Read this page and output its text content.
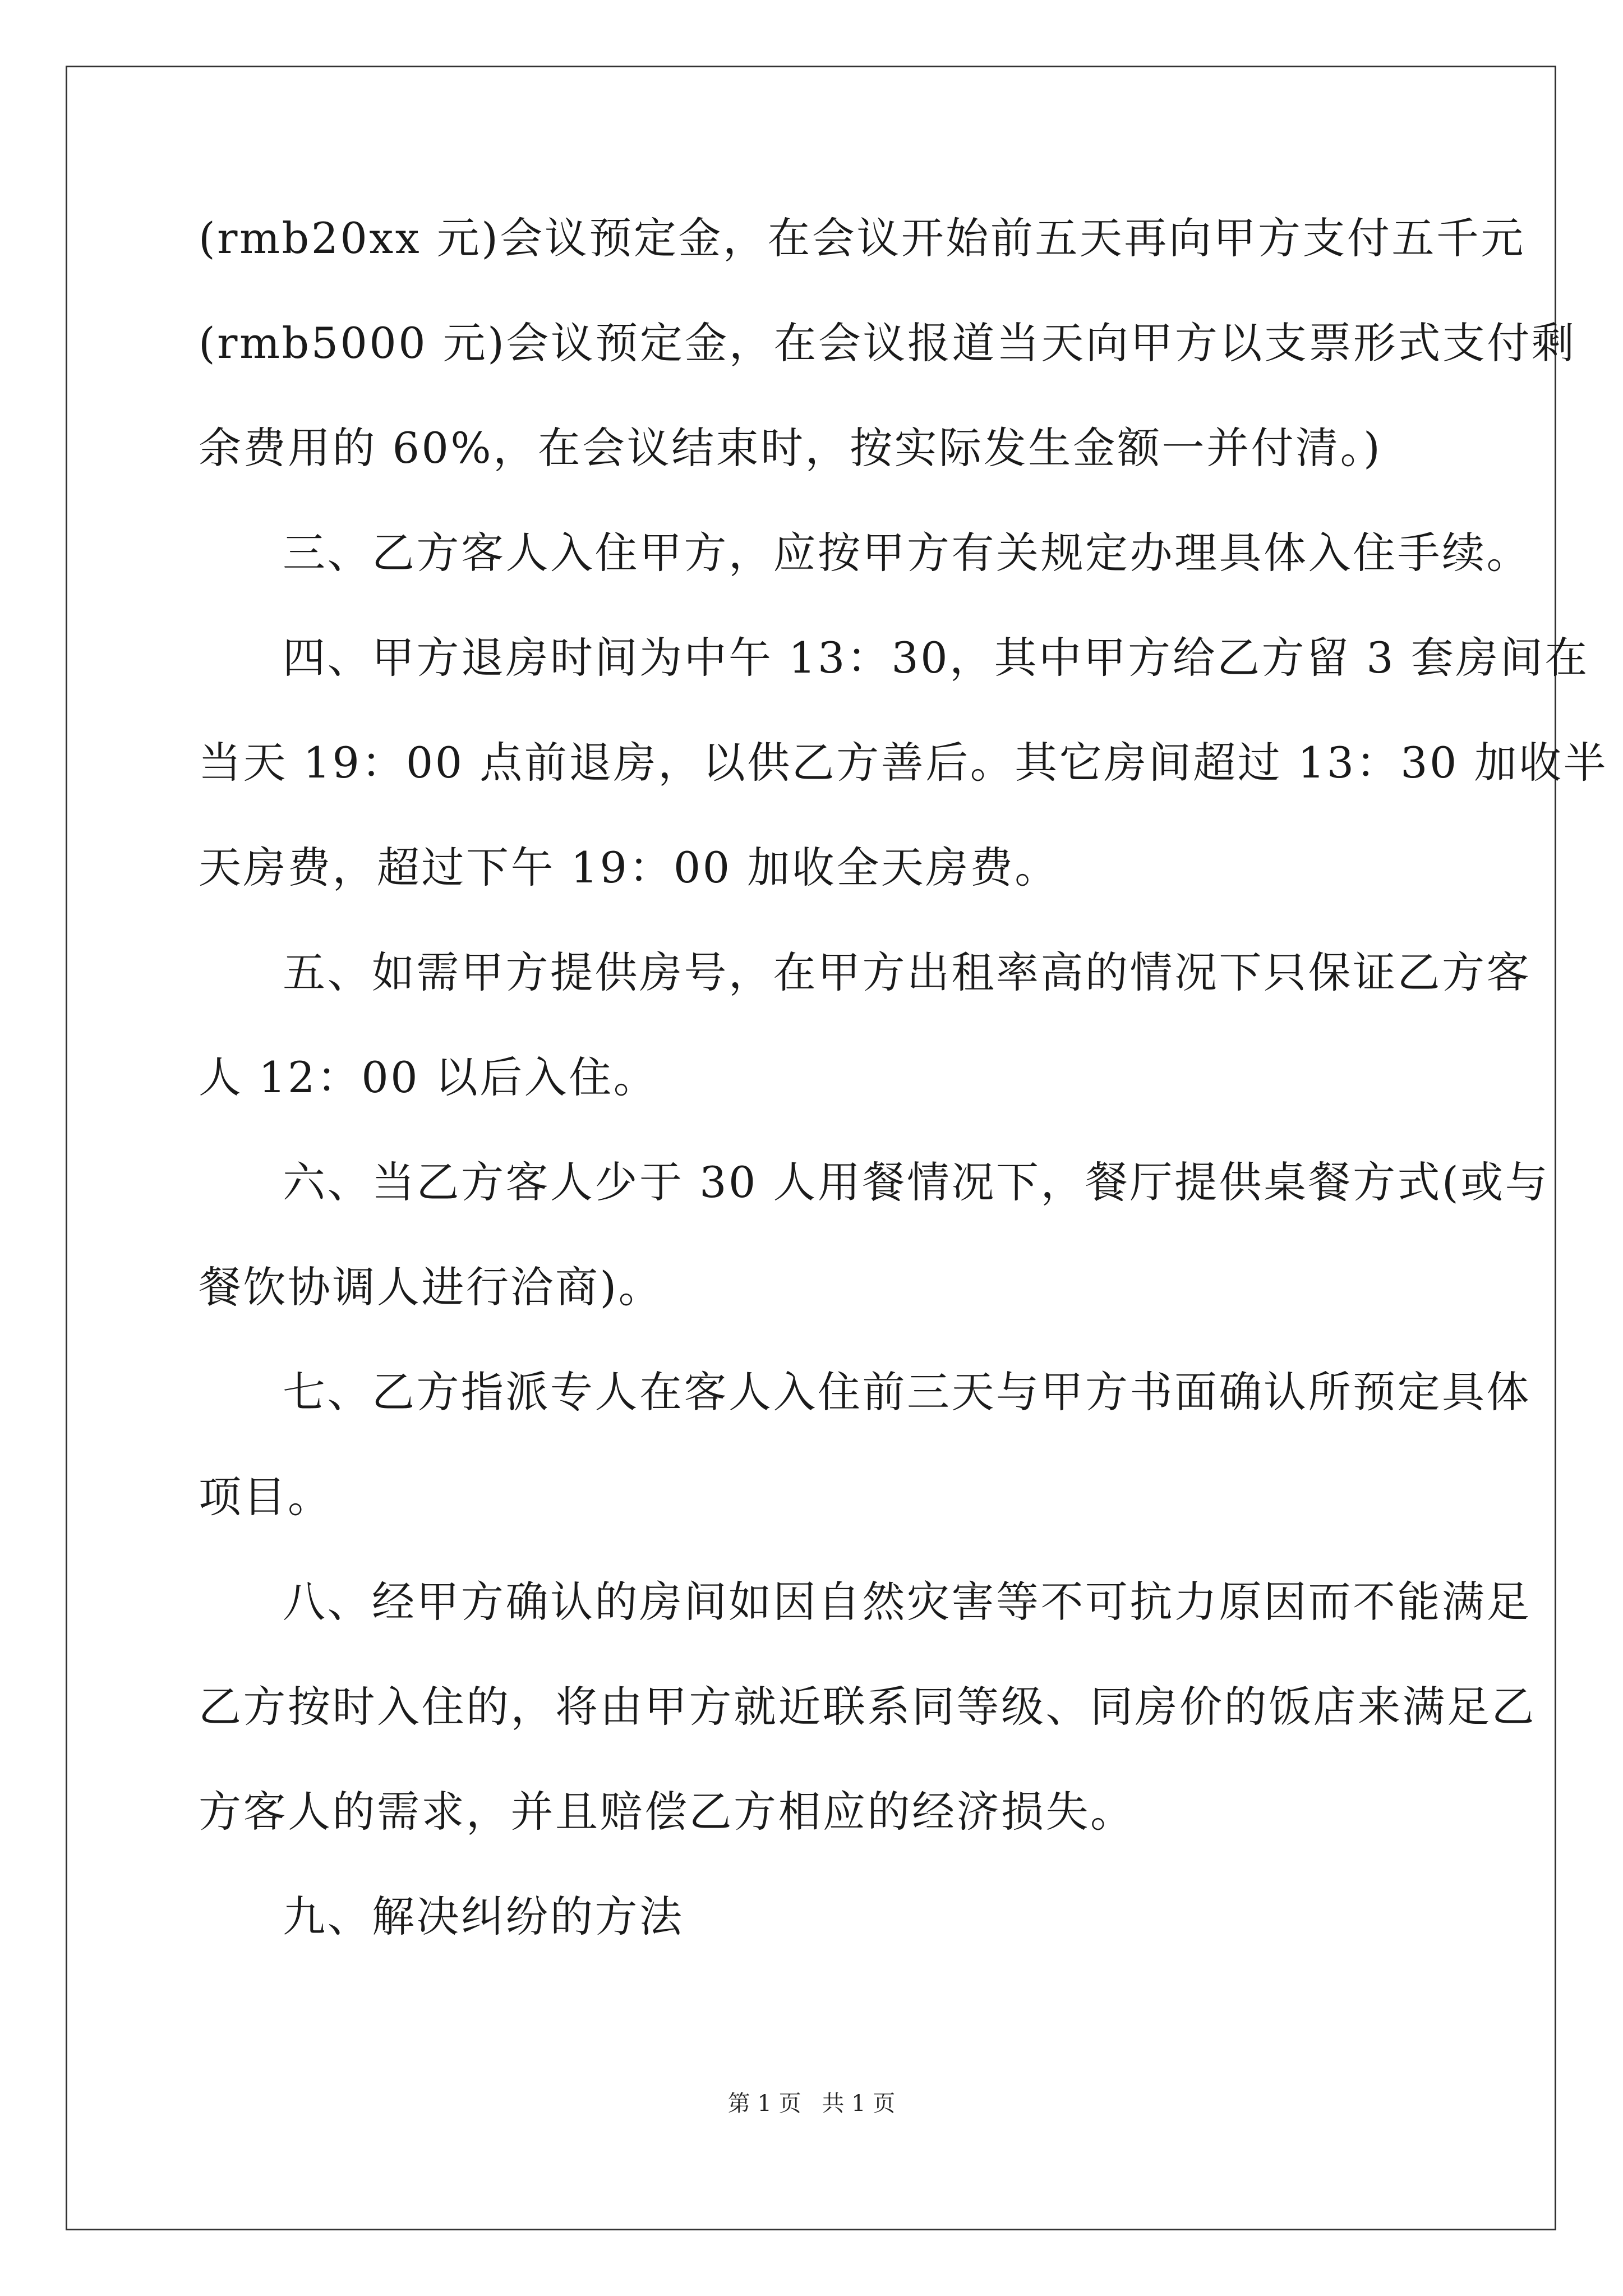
(rmb20xx 元)会议预定金，在会议开始前五天再向甲方支付五千元
(rmb5000 元)会议预定金，在会议报道当天向甲方以支票形式支付剩
余费用的 60%，在会议结束时，按实际发生金额一并付清。)
三、乙方客人入住甲方，应按甲方有关规定办理具体入住手续。
四、甲方退房时间为中午 13：30，其中甲方给乙方留 3 套房间在
当天 19：00 点前退房，以供乙方善后。其它房间超过 13：30 加收半
天房费，超过下午 19：00 加收全天房费。
五、如需甲方提供房号，在甲方出租率高的情况下只保证乙方客
人 12：00 以后入住。
六、当乙方客人少于 30 人用餐情况下，餐厅提供桌餐方式(或与
餐饮协调人进行洽商)。
七、乙方指派专人在客人入住前三天与甲方书面确认所预定具体
项目。
八、经甲方确认的房间如因自然灾害等不可抗力原因而不能满足
乙方按时入住的，将由甲方就近联系同等级、同房价的饭店来满足乙
方客人的需求，并且赔偿乙方相应的经济损失。
九、解决纠纷的方法
第 1 页 共 1 页
